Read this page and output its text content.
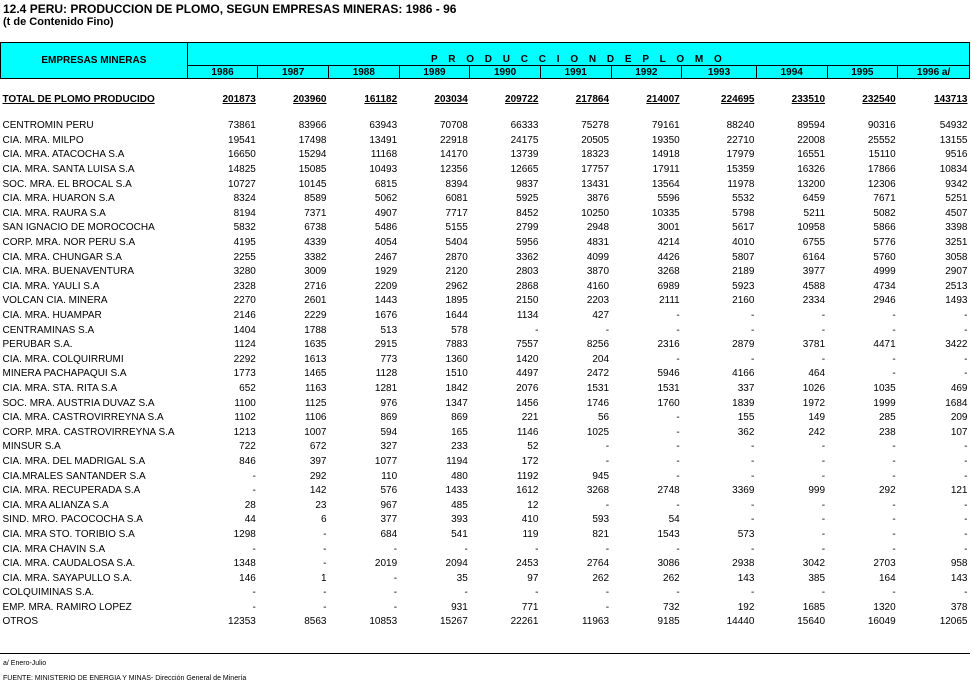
12.4 PERU: PRODUCCION DE PLOMO, SEGUN EMPRESAS MINERAS: 1986 - 96
(t de Contenido Fino)
EMPRESAS MINERAS	P R O D U C C I O N D E P L O M O										
	1986	1987	1988	1989	1990	1991	1992	1993	1994	1995	1996 a/

TOTAL DE PLOMO PRODUCIDO	201873	203960	161182	203034	209722	217864	214007	224695	233510	232540	143713

CENTROMIN PERU	73861	83966	63943	70708	66333	75278	79161	88240	89594	90316	54932
CIA. MRA. MILPO	19541	17498	13491	22918	24175	20505	19350	22710	22008	25552	13155
CIA. MRA. ATACOCHA S.A	16650	15294	11168	14170	13739	18323	14918	17979	16551	15110	9516
CIA. MRA. SANTA LUISA S.A	14825	15085	10493	12356	12665	17757	17911	15359	16326	17866	10834
SOC. MRA. EL BROCAL S.A	10727	10145	6815	8394	9837	13431	13564	11978	13200	12306	9342
CIA. MRA. HUARON S.A	8324	8589	5062	6081	5925	3876	5596	5532	6459	7671	5251
CIA. MRA. RAURA S.A	8194	7371	4907	7717	8452	10250	10335	5798	5211	5082	4507
SAN IGNACIO DE MOROCOCHA	5832	6738	5486	5155	2799	2948	3001	5617	10958	5866	3398
CORP. MRA. NOR PERU S.A	4195	4339	4054	5404	5956	4831	4214	4010	6755	5776	3251
CIA. MRA. CHUNGAR S.A	2255	3382	2467	2870	3362	4099	4426	5807	6164	5760	3058
CIA. MRA. BUENAVENTURA	3280	3009	1929	2120	2803	3870	3268	2189	3977	4999	2907
CIA. MRA. YAULI S.A	2328	2716	2209	2962	2868	4160	6989	5923	4588	4734	2513
VOLCAN CIA. MINERA	2270	2601	1443	1895	2150	2203	2111	2160	2334	2946	1493
CIA. MRA. HUAMPAR	2146	2229	1676	1644	1134	427	-	-	-	-	-
CENTRAMINAS S.A	1404	1788	513	578	-	-	-	-	-	-	-
PERUBAR S.A.	1124	1635	2915	7883	7557	8256	2316	2879	3781	4471	3422
CIA. MRA. COLQUIRRUMI	2292	1613	773	1360	1420	204	-	-	-	-	-
MINERA PACHAPAQUI S.A	1773	1465	1128	1510	4497	2472	5946	4166	464	-	-
CIA. MRA. STA. RITA S.A	652	1163	1281	1842	2076	1531	1531	337	1026	1035	469
SOC. MRA. AUSTRIA DUVAZ S.A	1100	1125	976	1347	1456	1746	1760	1839	1972	1999	1684
CIA. MRA. CASTROVIRREYNA S.A	1102	1106	869	869	221	56	-	155	149	285	209
CORP. MRA. CASTROVIRREYNA S.A	1213	1007	594	165	1146	1025	-	362	242	238	107
MINSUR S.A	722	672	327	233	52	-	-	-	-	-	-
CIA. MRA. DEL MADRIGAL S.A	846	397	1077	1194	172	-	-	-	-	-	-
CIA.MRALES SANTANDER S.A	-	292	110	480	1192	945	-	-	-	-	-
CIA. MRA. RECUPERADA S.A	-	142	576	1433	1612	3268	2748	3369	999	292	121
CIA. MRA ALIANZA S.A	28	23	967	485	12	-	-	-	-	-	-
SIND. MRO. PACOCOCHA S.A	44	6	377	393	410	593	54	-	-	-	-
CIA. MRA STO. TORIBIO S.A	1298	-	684	541	119	821	1543	573	-	-	-
CIA. MRA CHAVIN S.A	-	-	-	-	-	-	-	-	-	-	-
CIA. MRA. CAUDALOSA S.A.	1348	-	2019	2094	2453	2764	3086	2938	3042	2703	958
CIA. MRA. SAYAPULLO S.A.	146	1	-	35	97	262	262	143	385	164	143
COLQUIMINAS S.A.	-	-	-	-	-	-	-	-	-	-	-
EMP. MRA. RAMIRO LOPEZ	-	-	-	931	771	-	732	192	1685	1320	378
OTROS	12353	8563	10853	15267	22261	11963	9185	14440	15640	16049	12065
a/ Enero-Julio
FUENTE: MINISTERIO DE ENERGIA Y MINAS- Dirección General de Minería
